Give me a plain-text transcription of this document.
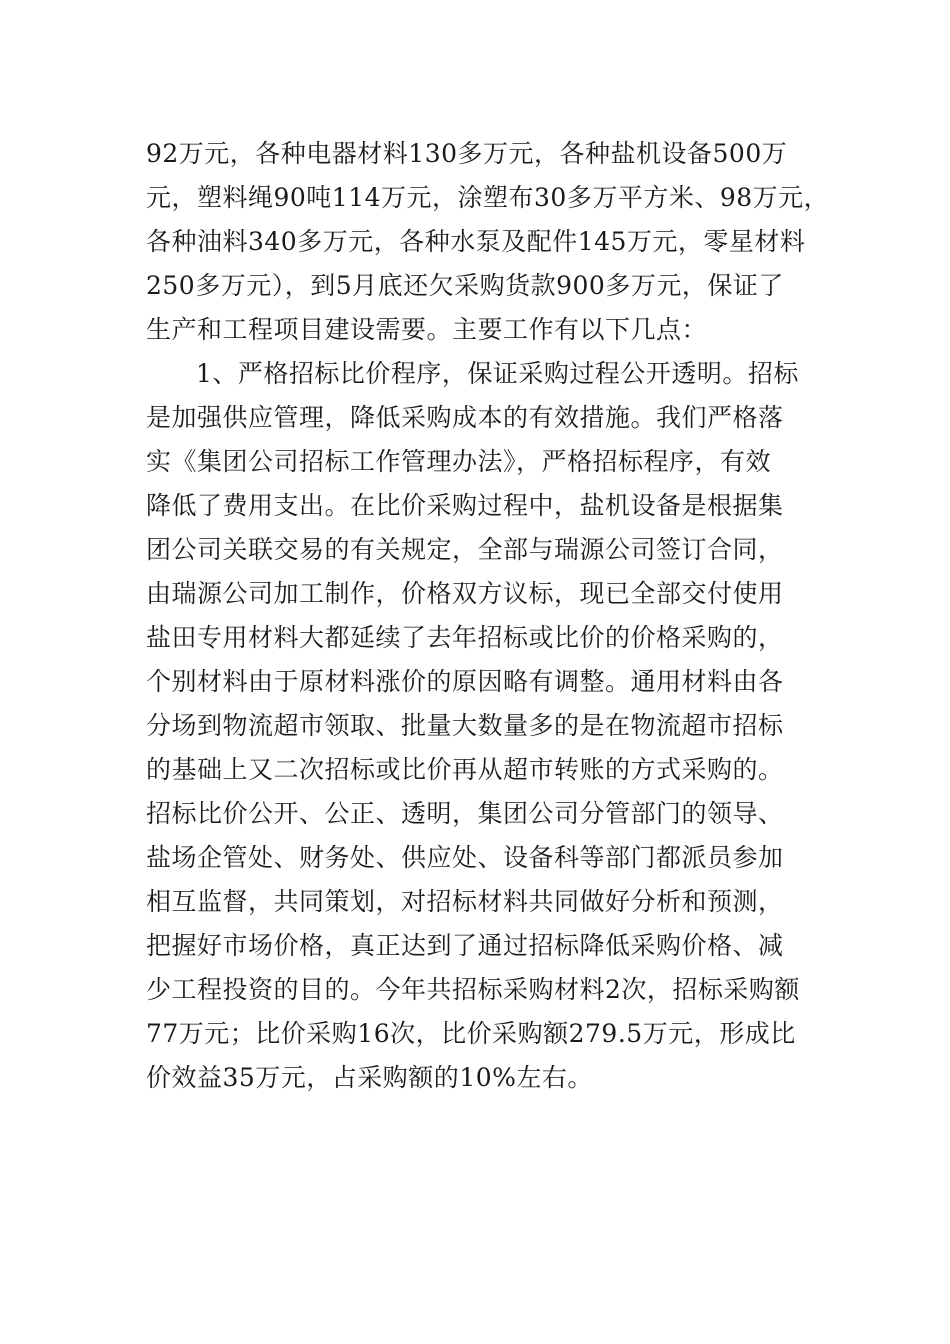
92万元，各种电器材料130多万元，各种盐机设备500万
元，塑料绳90吨114万元，涂塑布30多万平方米、98万元，
各种油料340多万元，各种水泵及配件145万元，零星材料
250多万元），到5月底还欠采购货款900多万元，保证了
生产和工程项目建设需要。主要工作有以下几点：
1、严格招标比价程序，保证采购过程公开透明。招标
是加强供应管理，降低采购成本的有效措施。我们严格落
实《集团公司招标工作管理办法》，严格招标程序，有效
降低了费用支出。在比价采购过程中，盐机设备是根据集
团公司关联交易的有关规定，全部与瑞源公司签订合同，
由瑞源公司加工制作，价格双方议标，现已全部交付使用
盐田专用材料大都延续了去年招标或比价的价格采购的，
个别材料由于原材料涨价的原因略有调整。通用材料由各
分场到物流超市领取、批量大数量多的是在物流超市招标
的基础上又二次招标或比价再从超市转账的方式采购的。
招标比价公开、公正、透明，集团公司分管部门的领导、
盐场企管处、财务处、供应处、设备科等部门都派员参加
相互监督，共同策划，对招标材料共同做好分析和预测，
把握好市场价格，真正达到了通过招标降低采购价格、减
少工程投资的目的。今年共招标采购材料2次，招标采购额
77万元；比价采购16次，比价采购额279.5万元，形成比
价效益35万元，占采购额的10%左右。
